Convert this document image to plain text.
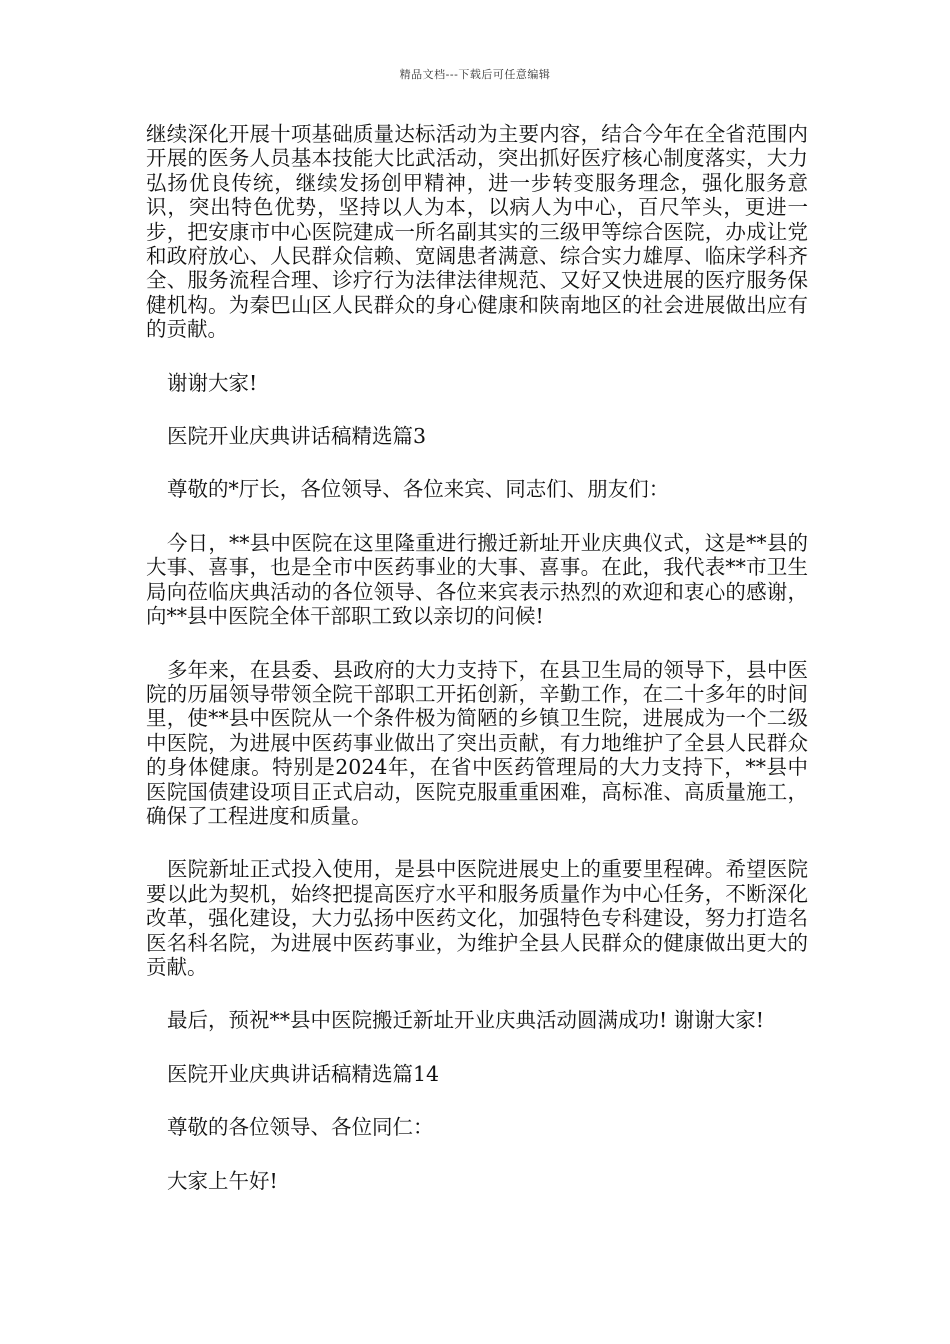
精品文档---下载后可任意编辑

继续深化开展十项基础质量达标活动为主要内容，结合今年在全省范围内开展的医务人员基本技能大比武活动，突出抓好医疗核心制度落实，大力弘扬优良传统，继续发扬创甲精神，进一步转变服务理念，强化服务意识，突出特色优势，坚持以人为本，以病人为中心，百尺竿头，更进一步，把安康市中心医院建成一所名副其实的三级甲等综合医院，办成让党和政府放心、人民群众信赖、宽阔患者满意、综合实力雄厚、临床学科齐全、服务流程合理、诊疗行为法律法律规范、又好又快进展的医疗服务保健机构。为秦巴山区人民群众的身心健康和陕南地区的社会进展做出应有的贡献。

谢谢大家!

医院开业庆典讲话稿精选篇3

尊敬的*厅长，各位领导、各位来宾、同志们、朋友们：

今日，**县中医院在这里隆重进行搬迁新址开业庆典仪式，这是**县的大事、喜事，也是全市中医药事业的大事、喜事。在此，我代表**市卫生局向莅临庆典活动的各位领导、各位来宾表示热烈的欢迎和衷心的感谢，向**县中医院全体干部职工致以亲切的问候!

多年来，在县委、县政府的大力支持下，在县卫生局的领导下，县中医院的历届领导带领全院干部职工开拓创新，辛勤工作，在二十多年的时间里，使**县中医院从一个条件极为简陋的乡镇卫生院，进展成为一个二级中医院，为进展中医药事业做出了突出贡献，有力地维护了全县人民群众的身体健康。特别是2024年，在省中医药管理局的大力支持下，**县中医院国债建设项目正式启动，医院克服重重困难，高标准、高质量施工，确保了工程进度和质量。

医院新址正式投入使用，是县中医院进展史上的重要里程碑。希望医院要以此为契机，始终把提高医疗水平和服务质量作为中心任务，不断深化改革，强化建设，大力弘扬中医药文化，加强特色专科建设，努力打造名医名科名院，为进展中医药事业，为维护全县人民群众的健康做出更大的贡献。

最后，预祝**县中医院搬迁新址开业庆典活动圆满成功! 谢谢大家!

医院开业庆典讲话稿精选篇14

尊敬的各位领导、各位同仁：

大家上午好!
